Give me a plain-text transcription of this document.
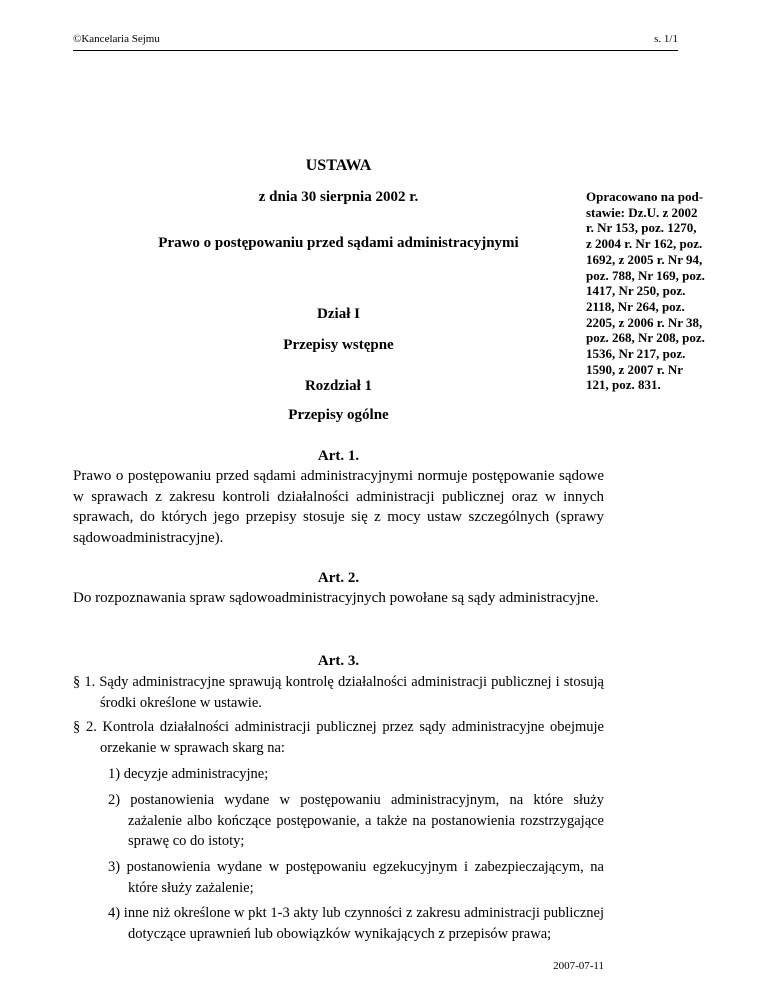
©Kancelaria Sejmu	s. 1/1
Opracowano na pod-
stawie: Dz.U. z 2002
r. Nr 153, poz. 1270,
z 2004 r. Nr 162, poz.
1692, z 2005 r. Nr 94,
poz. 788, Nr 169, poz.
1417, Nr 250, poz.
2118, Nr 264, poz.
2205, z 2006 r. Nr 38,
poz. 268, Nr 208, poz.
1536, Nr 217, poz.
1590, z 2007 r. Nr
121, poz. 831.
USTAWA
z dnia 30 sierpnia 2002 r.
Prawo o postępowaniu przed sądami administracyjnymi
Dział I
Przepisy wstępne
Rozdział 1
Przepisy ogólne
Art. 1.
Prawo o postępowaniu przed sądami administracyjnymi normuje postępowanie sądowe w sprawach z zakresu kontroli działalności administracji publicznej oraz w innych sprawach, do których jego przepisy stosuje się z mocy ustaw szczególnych (sprawy sądowoadministracyjne).
Art. 2.
Do rozpoznawania spraw sądowoadministracyjnych powołane są sądy administracyjne.
Art. 3.
§ 1. Sądy administracyjne sprawują kontrolę działalności administracji publicznej i stosują środki określone w ustawie.
§ 2. Kontrola działalności administracji publicznej przez sądy administracyjne obejmuje orzekanie w sprawach skarg na:
1) decyzje administracyjne;
2) postanowienia wydane w postępowaniu administracyjnym, na które służy zażalenie albo kończące postępowanie, a także na postanowienia rozstrzygające sprawę co do istoty;
3) postanowienia wydane w postępowaniu egzekucyjnym i zabezpieczającym, na które służy zażalenie;
4) inne niż określone w pkt 1-3 akty lub czynności z zakresu administracji publicznej dotyczące uprawnień lub obowiązków wynikających z przepisów prawa;
2007-07-11
